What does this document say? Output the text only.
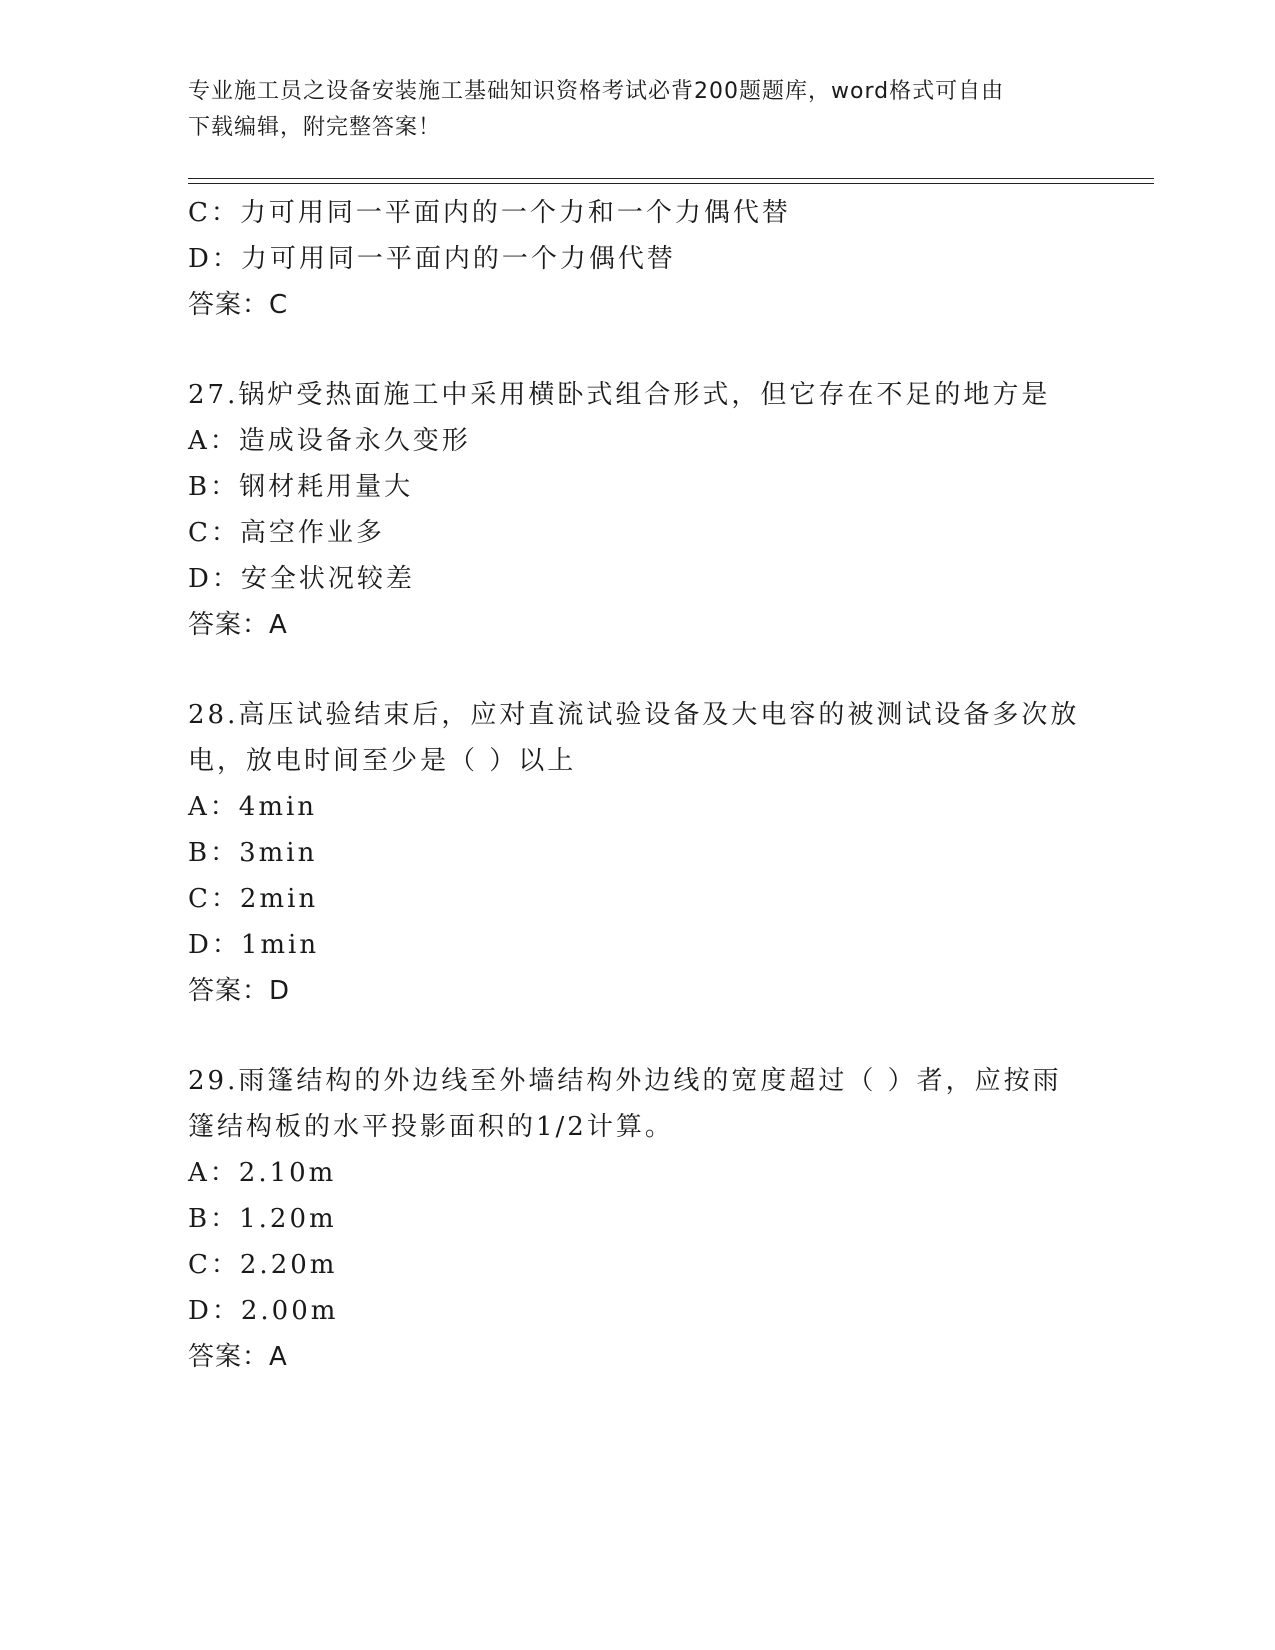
专业施工员之设备安装施工基础知识资格考试必背200题题库，word格式可自由
下载编辑，附完整答案！
C：力可用同一平面内的一个力和一个力偶代替
D：力可用同一平面内的一个力偶代替
答案：C
27.锅炉受热面施工中采用横卧式组合形式，但它存在不足的地方是
A：造成设备永久变形
B：钢材耗用量大
C：高空作业多
D：安全状况较差
答案：A
28.高压试验结束后，应对直流试验设备及大电容的被测试设备多次放
电，放电时间至少是（ ）以上
A：4min
B：3min
C：2min
D：1min
答案：D
29.雨篷结构的外边线至外墙结构外边线的宽度超过（ ）者，应按雨
篷结构板的水平投影面积的1/2计算。
A：2.10m
B：1.20m
C：2.20m
D：2.00m
答案：A
